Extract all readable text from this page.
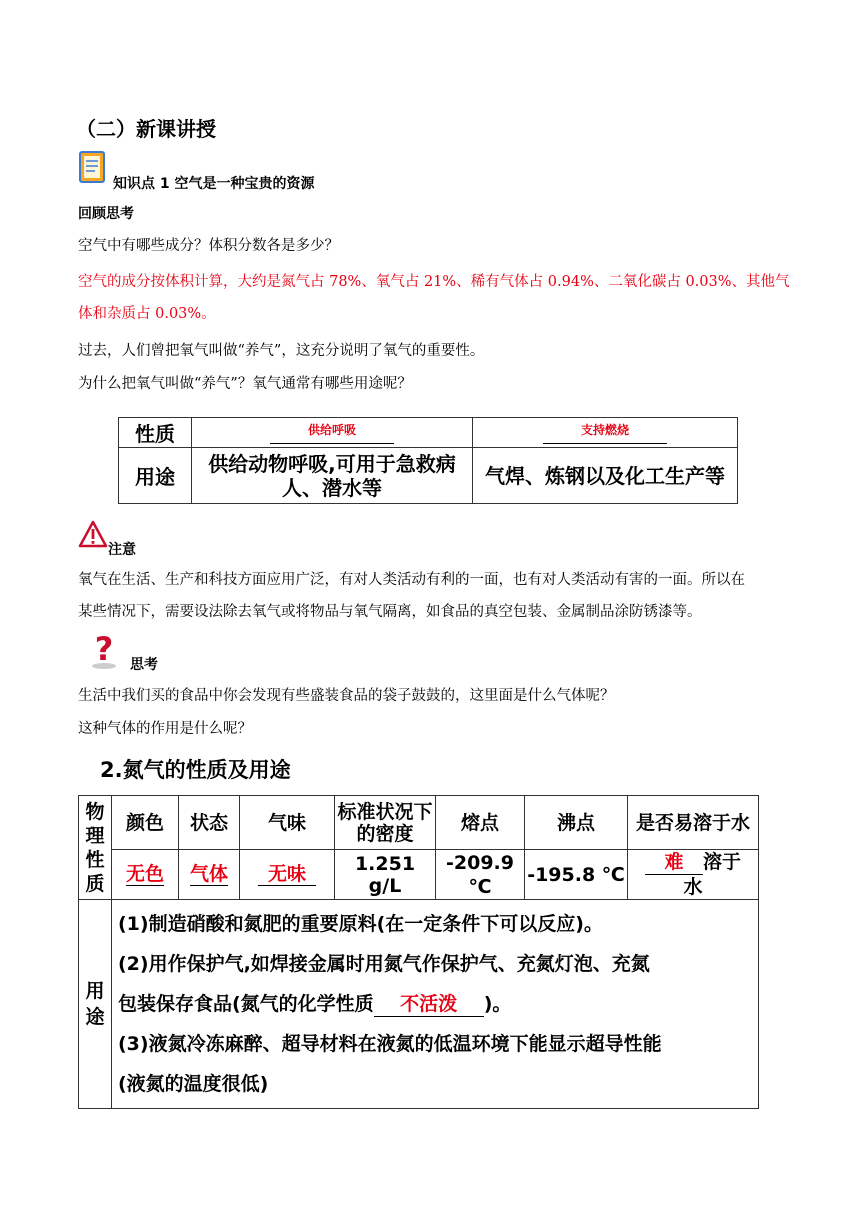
（二）新课讲授
知识点 1 空气是一种宝贵的资源
回顾思考
空气中有哪些成分？体积分数各是多少？
空气的成分按体积计算，大约是氮气占 78%、氧气占 21%、稀有气体占 0.94%、二氧化碳占 0.03%、其他气
体和杂质占 0.03%。
过去，人们曾把氧气叫做“养气”，这充分说明了氧气的重要性。
为什么把氧气叫做“养气”？氧气通常有哪些用途呢？
性质	供给呼吸	支持燃烧

用途	供给动物呼吸,可用于急救病人、潜水等	气焊、炼钢以及化工生产等
注意
氧气在生活、生产和科技方面应用广泛，有对人类活动有利的一面，也有对人类活动有害的一面。所以在
某些情况下，需要设法除去氧气或将物品与氧气隔离，如食品的真空包装、金属制品涂防锈漆等。
? 思考
生活中我们买的食品中你会发现有些盛装食品的袋子鼓鼓的，这里面是什么气体呢？
这种气体的作用是什么呢？
2.氮气的性质及用途
物理性质	颜色	状态	气味	标准状况下的密度	熔点	沸点	是否易溶于水
	无色	气体	无味	1.251 g/L	-209.9 ℃	-195.8 ℃	难 溶于
水
用途	(1)制造硝酸和氮肥的重要原料(在一定条件下可以反应)。
(2)用作保护气,如焊接金属时用氮气作保护气、充氮灯泡、充氮
包装保存食品(氮气的化学性质 不活泼 )。
(3)液氮冷冻麻醉、超导材料在液氮的低温环境下能显示超导性能
(液氮的温度很低)						
